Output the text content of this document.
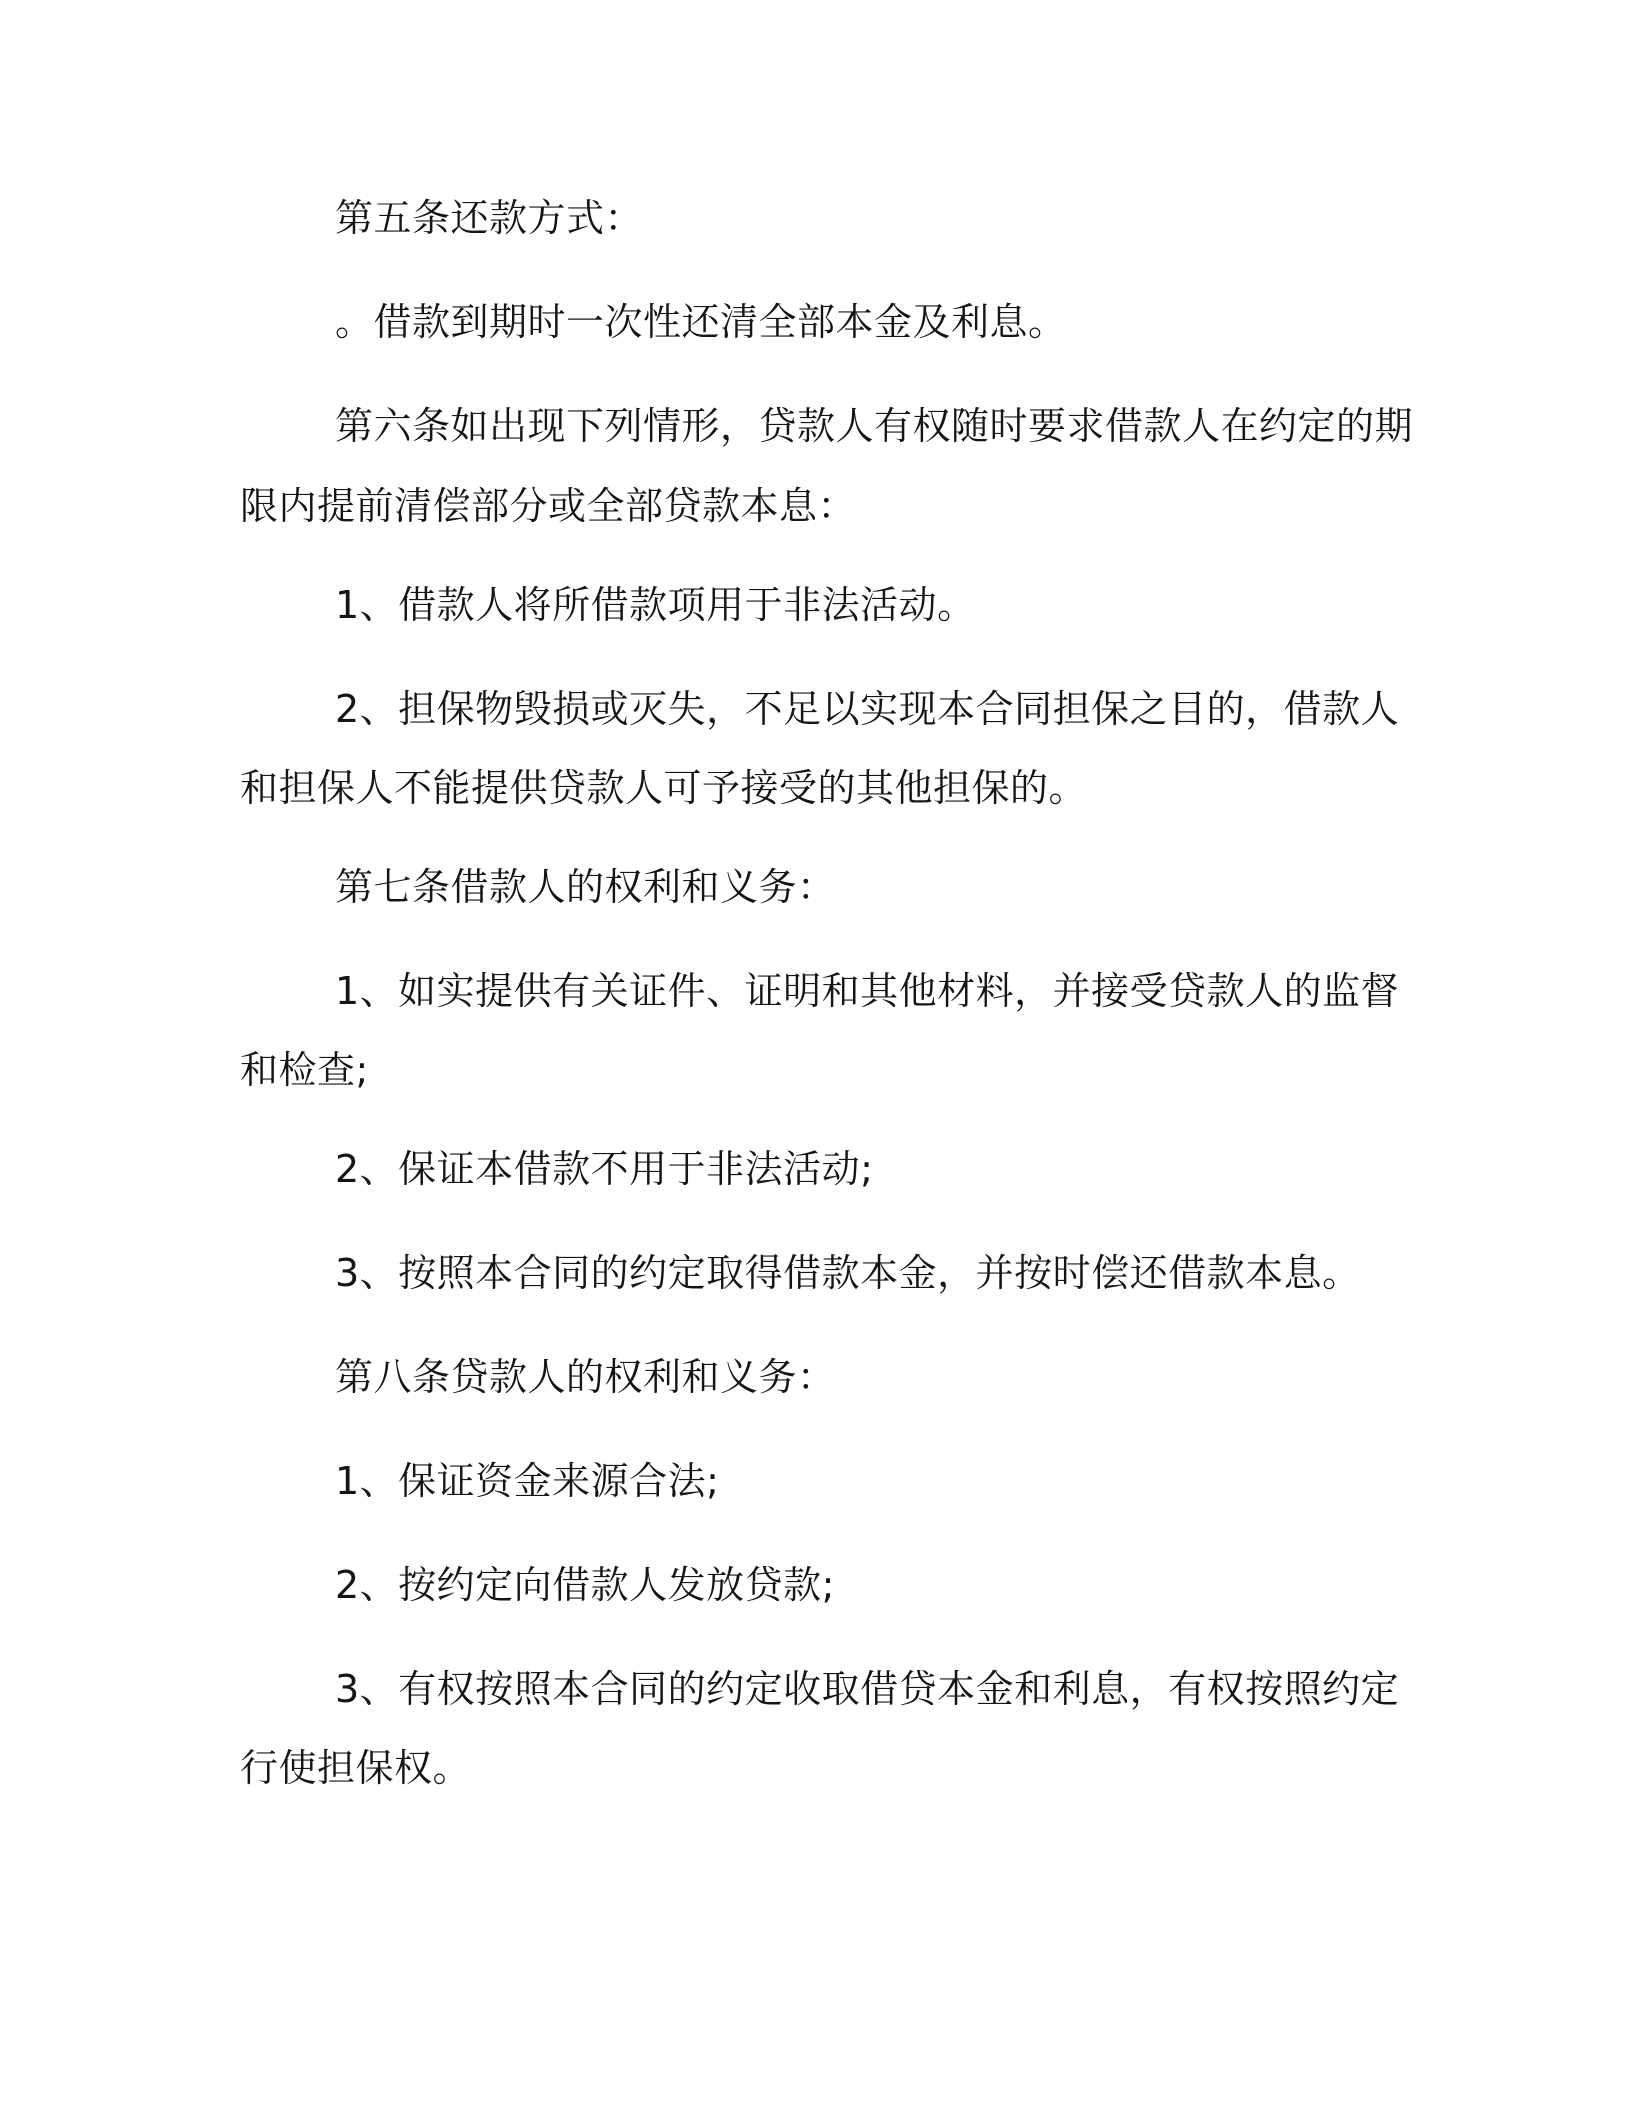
第五条还款方式：

。借款到期时一次性还清全部本金及利息。

第六条如出现下列情形，贷款人有权随时要求借款人在约定的期

限内提前清偿部分或全部贷款本息：

1、借款人将所借款项用于非法活动。

2、担保物毁损或灭失，不足以实现本合同担保之目的，借款人

和担保人不能提供贷款人可予接受的其他担保的。

第七条借款人的权利和义务：

1、如实提供有关证件、证明和其他材料，并接受贷款人的监督

和检查;

2、保证本借款不用于非法活动;

3、按照本合同的约定取得借款本金，并按时偿还借款本息。

第八条贷款人的权利和义务：

1、保证资金来源合法;

2、按约定向借款人发放贷款;

3、有权按照本合同的约定收取借贷本金和利息，有权按照约定

行使担保权。
